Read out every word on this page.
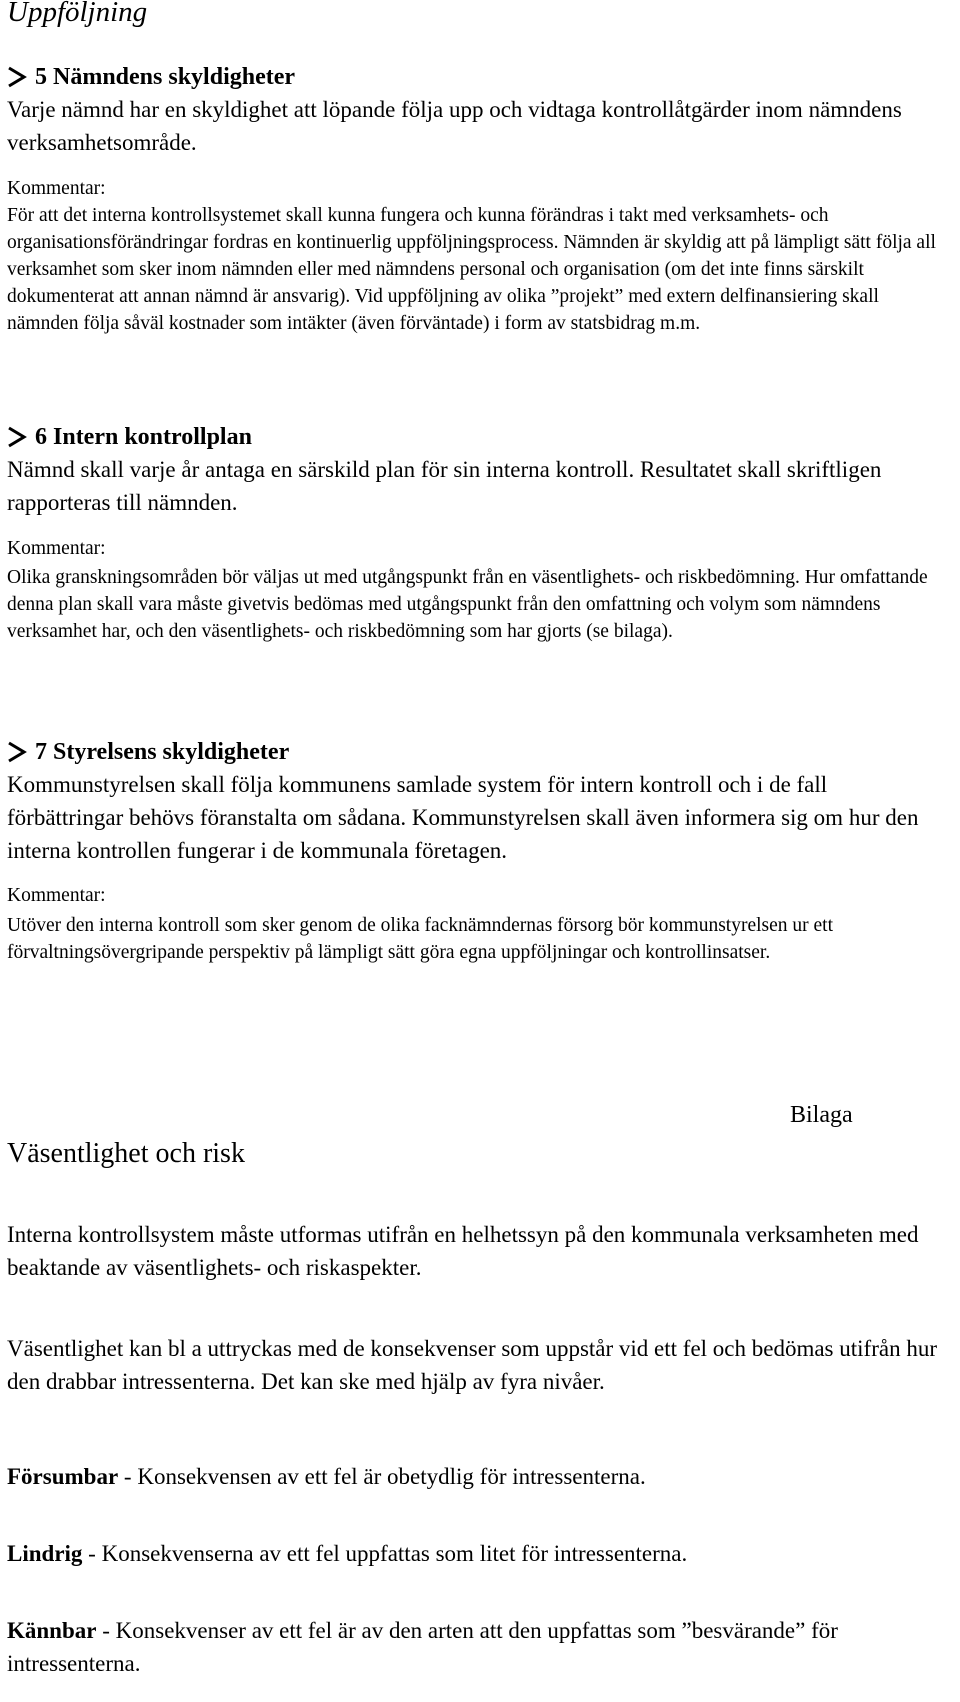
Uppföljning
5 Nämndens skyldigheter

Varje nämnd har en skyldighet att löpande följa upp och vidtaga kontrollåtgärder inom nämndens verksamhetsområde.

Kommentar:

För att det interna kontrollsystemet skall kunna fungera och kunna förändras i takt med verksamhets- och organisationsförändringar fordras en kontinuerlig uppföljningsprocess. Nämnden är skyldig att på lämpligt sätt följa all verksamhet som sker inom nämnden eller med nämndens personal och organisation (om det inte finns särskilt dokumenterat att annan nämnd är ansvarig). Vid uppföljning av olika ”projekt” med extern delfinansiering skall nämnden följa såväl kostnader som intäkter (även förväntade) i form av statsbidrag m.m.

6 Intern kontrollplan

Nämnd skall varje år antaga en särskild plan för sin interna kontroll. Resultatet skall skriftligen rapporteras till nämnden.

Kommentar:

Olika granskningsområden bör väljas ut med utgångspunkt från en väsentlighets- och riskbedömning. Hur omfattande denna plan skall vara måste givetvis bedömas med utgångspunkt från den omfattning och volym som nämndens verksamhet har, och den väsentlighets- och riskbedömning som har gjorts (se bilaga).

7 Styrelsens skyldigheter

Kommunstyrelsen skall följa kommunens samlade system för intern kontroll och i de fall förbättringar behövs föranstalta om sådana. Kommunstyrelsen skall även informera sig om hur den interna kontrollen fungerar i de kommunala företagen.

Kommentar:

Utöver den interna kontroll som sker genom de olika facknämndernas försorg bör kommunstyrelsen ur ett förvaltningsövergripande perspektiv på lämpligt sätt göra egna uppföljningar och kontrollinsatser.

Bilaga

Väsentlighet och risk

Interna kontrollsystem måste utformas utifrån en helhetssyn på den kommunala verksamheten med beaktande av väsentlighets- och riskaspekter.

Väsentlighet kan bl a uttryckas med de konsekvenser som uppstår vid ett fel och bedömas utifrån hur den drabbar intressenterna. Det kan ske med hjälp av fyra nivåer.

Försumbar - Konsekvensen av ett fel är obetydlig för intressenterna.

Lindrig - Konsekvenserna av ett fel uppfattas som litet för intressenterna.

Kännbar - Konsekvenser av ett fel är av den arten att den uppfattas som ”besvärande” för intressenterna.
